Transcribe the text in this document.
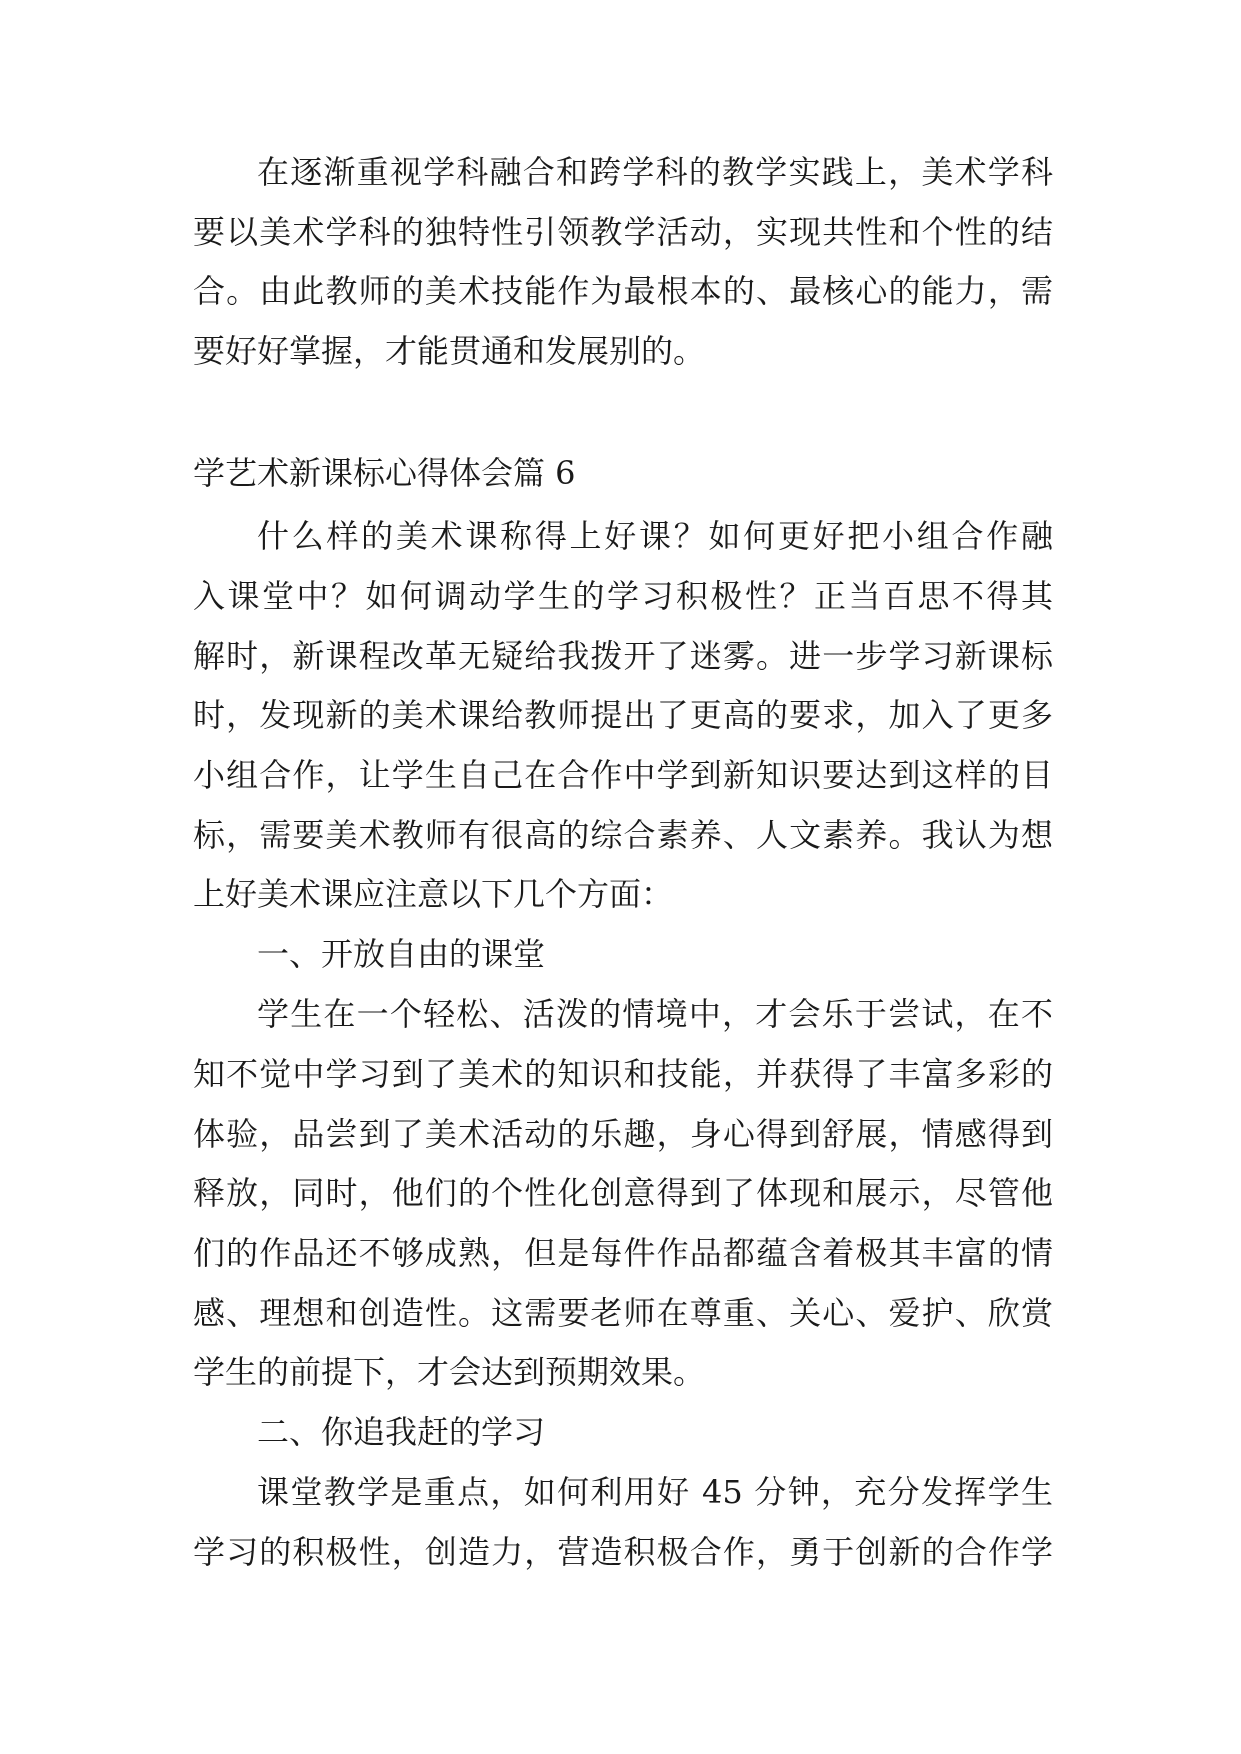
在逐渐重视学科融合和跨学科的教学实践上，美术学科
要以美术学科的独特性引领教学活动，实现共性和个性的结
合。由此教师的美术技能作为最根本的、最核心的能力，需
要好好掌握，才能贯通和发展别的。
学艺术新课标心得体会篇 6
什么样的美术课称得上好课？如何更好把小组合作融
入课堂中？如何调动学生的学习积极性？正当百思不得其
解时，新课程改革无疑给我拨开了迷雾。进一步学习新课标
时，发现新的美术课给教师提出了更高的要求，加入了更多
小组合作，让学生自己在合作中学到新知识要达到这样的目
标，需要美术教师有很高的综合素养、人文素养。我认为想
上好美术课应注意以下几个方面：
一、开放自由的课堂
学生在一个轻松、活泼的情境中，才会乐于尝试，在不
知不觉中学习到了美术的知识和技能，并获得了丰富多彩的
体验，品尝到了美术活动的乐趣，身心得到舒展，情感得到
释放，同时，他们的个性化创意得到了体现和展示，尽管他
们的作品还不够成熟，但是每件作品都蕴含着极其丰富的情
感、理想和创造性。这需要老师在尊重、关心、爱护、欣赏
学生的前提下，才会达到预期效果。
二、你追我赶的学习
课堂教学是重点，如何利用好 45 分钟，充分发挥学生
学习的积极性，创造力，营造积极合作，勇于创新的合作学
